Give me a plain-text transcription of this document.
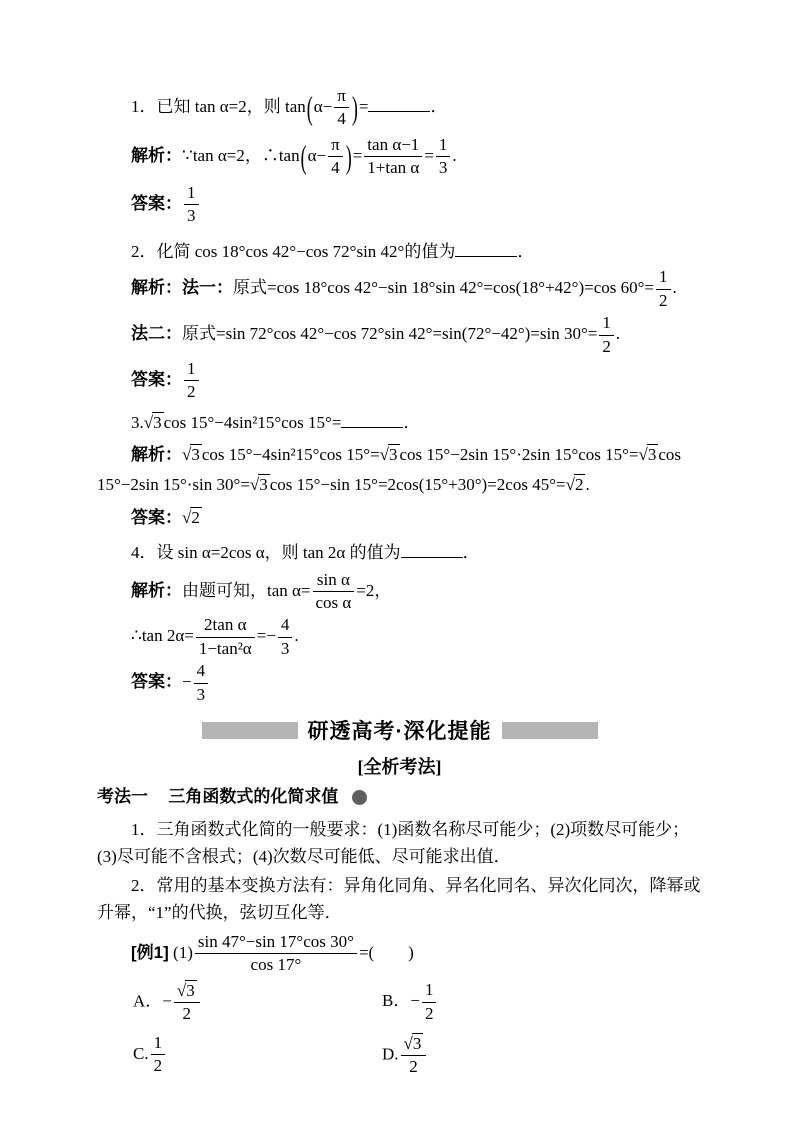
1．已知 tan α=2，则 $\tan(\alpha- \frac{\pi}{4}$ )=	．

解析：∵tan α=2，∴tan(α− $\frac{\pi}{4}$ )= $\frac{\text{tan α−1}}{\text{1+tan α}} = \frac{1}{3}$ .

答案： $\frac{1}{3}$

2．化简 cos 18°cos 42°−cos 72°sin 42°的值为	．

解析：法一：原式=cos 18°cos 42°−sin 18°sin 42°=cos(18°+42°)=cos $60^\circ= \frac{1}{2}$ .

法二：原式=sin 72°cos 42°−cos 72°sin 42°=sin(72°−42°)=sin $30^\circ= \frac{1}{2}$ .

答案： $\frac{1}{2}$

3.√3 cos 15°−4sin²15°cos 15°=	．

解析：√3 cos 15°−4sin²15°cos 15°=√3 cos 15°−2sin 15°·2sin 15°cos 15°=√3 cos 15°−2sin 15°·sin 30°=√3 cos 15°−sin 15°=2cos(15°+30°)=2cos 45°=√2 .

答案：√2

4．设 sin α=2cos α，则 tan 2α 的值为	．

解析：由题可知，$\tan \alpha= \frac{\text{sin α}}{\text{cos α}} =2$，

∴tan $2\alpha= \frac{\text{2tan α}}{\text{1−tan²α}} =- \frac{4}{3}$ .

答案：− $\frac{4}{3}$

研透高考·深化提能

[全析考法]

考法一 三角函数式的化简求值

1．三角函数式化简的一般要求：(1)函数名称尽可能少；(2)项数尽可能少；(3)尽可能不含根式；(4)次数尽可能低、尽可能求出值．

2．常用的基本变换方法有：异角化同角、异名化同名、异次化同次，降幂或升幂，“1”的代换，弦切互化等．

[例1] $(1) \frac{\sin 47^\circ-\sin 17^\circ\cos 30^\circ}{\cos 17^\circ}$ =(　　)

A．− $\frac{√3}{2}$	B．− $\frac{1}{2}$
C. $\frac{1}{2}$	D. $\frac{√3}{2}$
